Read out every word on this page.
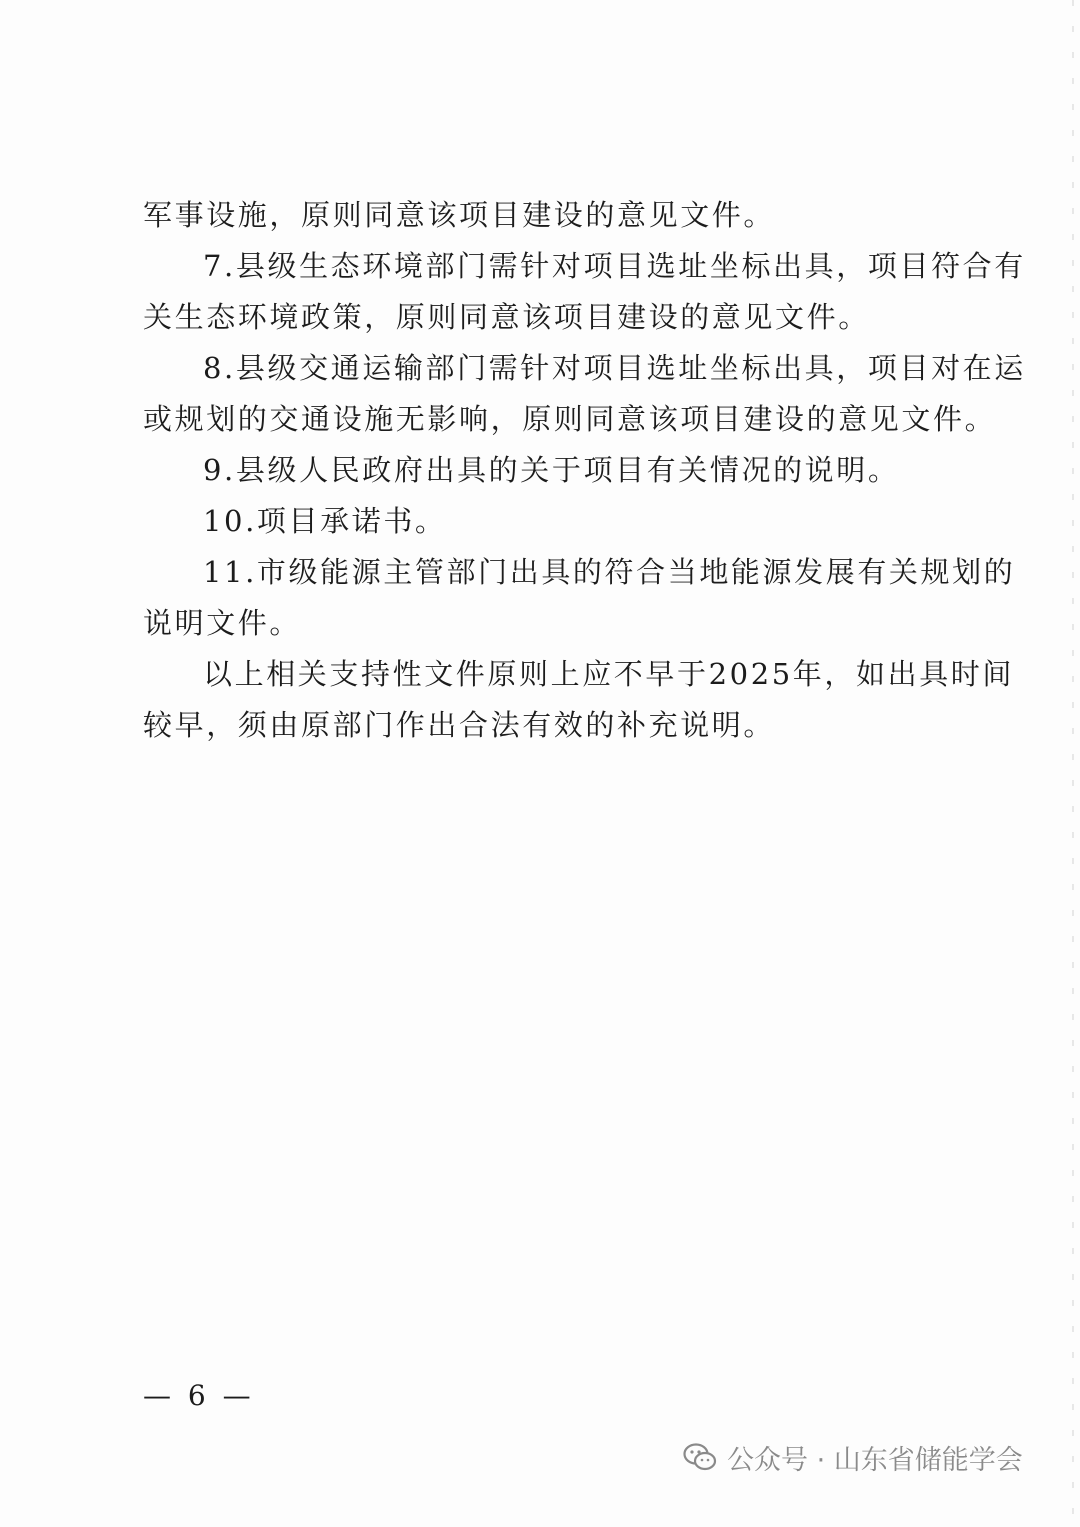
军事设施，原则同意该项目建设的意见文件。
7.县级生态环境部门需针对项目选址坐标出具，项目符合有
关生态环境政策，原则同意该项目建设的意见文件。
8.县级交通运输部门需针对项目选址坐标出具，项目对在运
或规划的交通设施无影响，原则同意该项目建设的意见文件。
9.县级人民政府出具的关于项目有关情况的说明。
10.项目承诺书。
11.市级能源主管部门出具的符合当地能源发展有关规划的
说明文件。
以上相关支持性文件原则上应不早于2025年，如出具时间
较早，须由原部门作出合法有效的补充说明。
— 6 —
公众号 · 山东省储能学会
